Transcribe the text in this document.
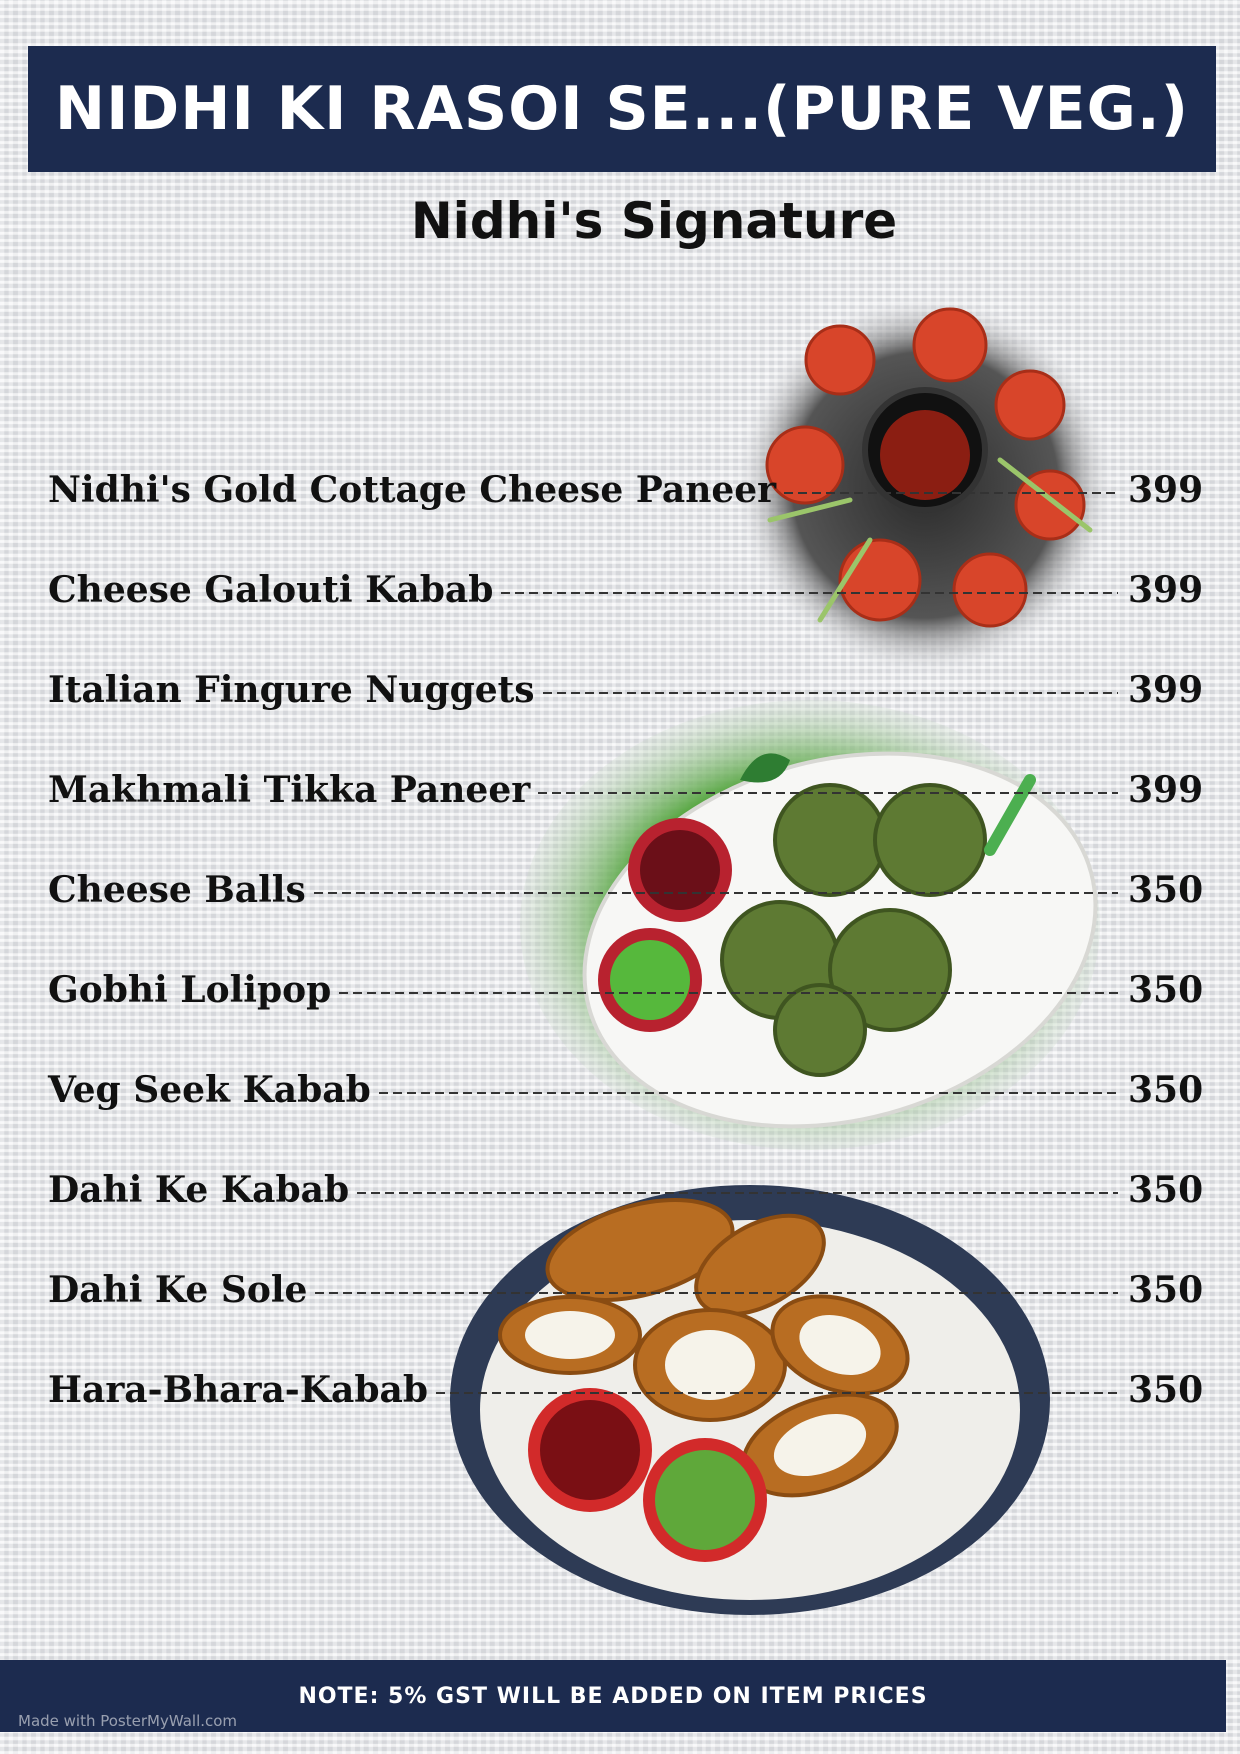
NIDHI KI RASOI SE...(PURE VEG.)
Nidhi's Signature
Nidhi's Gold Cottage Cheese Paneer	399
Cheese Galouti Kabab	399
Italian Fingure Nuggets	399
Makhmali Tikka Paneer	399
Cheese Balls	350
Gobhi Lolipop	350
Veg Seek Kabab	350
Dahi Ke Kabab	350
Dahi Ke Sole	350
Hara-Bhara-Kabab	350
NOTE: 5% GST WILL BE ADDED ON ITEM PRICES
Made with PosterMyWall.com
